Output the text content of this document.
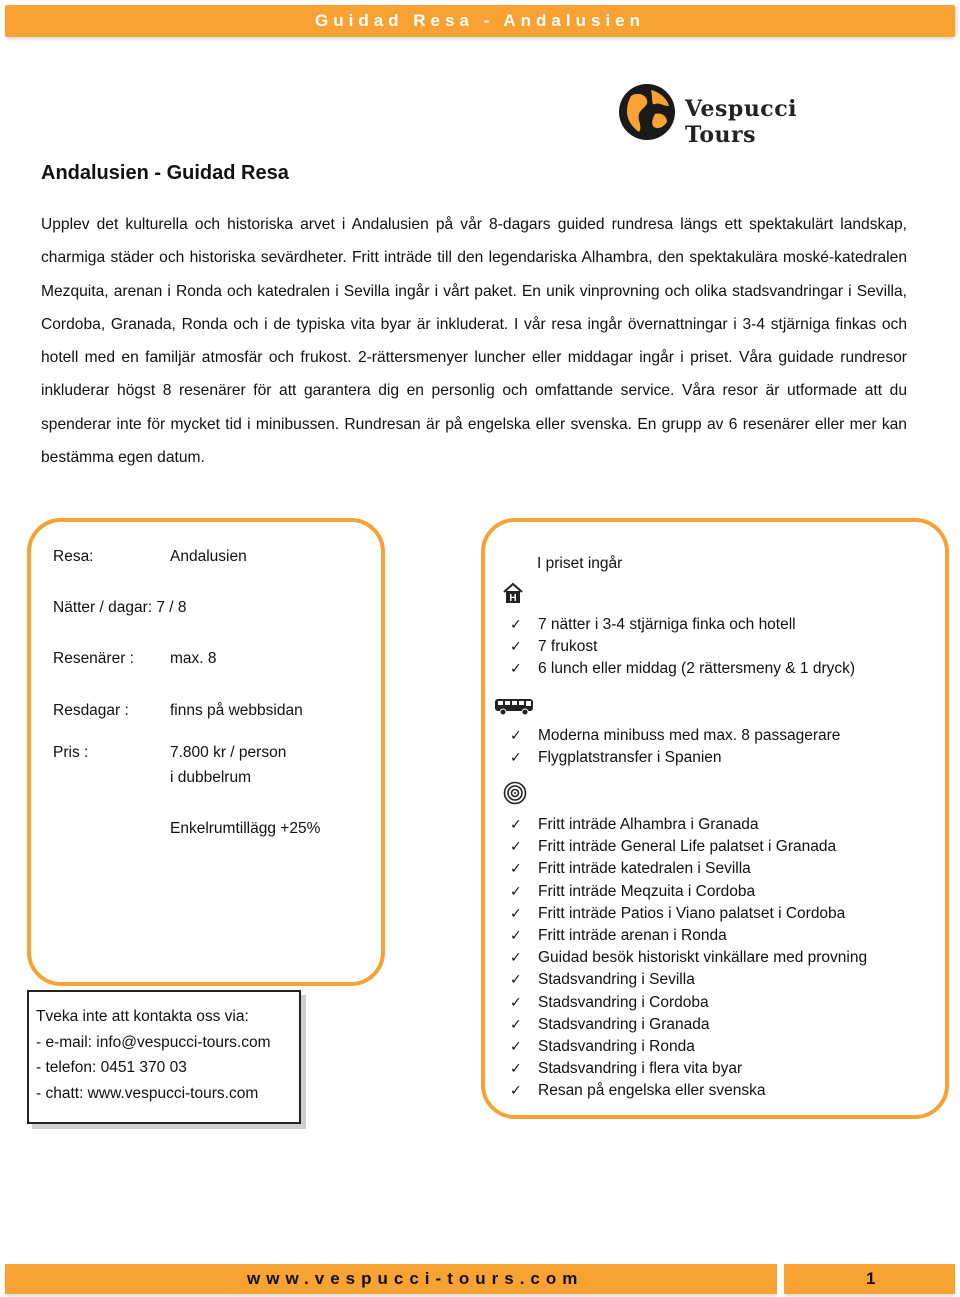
Guidad Resa - Andalusien
Vespucci Tours
Andalusien - Guidad Resa
Upplev det kulturella och historiska arvet i Andalusien på vår 8-dagars guided rundresa längs ett spektakulärt landskap, charmiga städer och historiska sevärdheter. Fritt inträde till den legendariska Alhambra, den spektakulära moské-katedralen Mezquita, arenan i Ronda och katedralen i Sevilla ingår i vårt paket. En unik vinprovning och olika stadsvandringar i Sevilla, Cordoba, Granada, Ronda och i de typiska vita byar är inkluderat. I vår resa ingår övernattningar i 3-4 stjärniga finkas och hotell med en familjär atmosfär och frukost. 2-rättersmenyer luncher eller middagar ingår i priset. Våra guidade rundresor inkluderar högst 8 resenärer för att garantera dig en personlig och omfattande service. Våra resor är utformade att du spenderar inte för mycket tid i minibussen. Rundresan är på engelska eller svenska. En grupp av 6 resenärer eller mer kan bestämma egen datum.
Resa:	Andalusien
Nätter / dagar: 7 / 8
Resenärer : max. 8
Resdagar :	finns på webbsidan
Pris :	7.800 kr / person
i dubbelrum
Enkelrumtillägg +25%
I priset ingår
H
✓ 7 nätter i 3-4 stjärniga finka och hotell
✓ 7 frukost
✓ 6 lunch eller middag (2 rättersmeny & 1 dryck)
✓ Moderna minibuss med max. 8 passagerare
✓ Flygplatstransfer i Spanien
✓ Fritt inträde Alhambra i Granada
✓ Fritt inträde General Life palatset i Granada
✓ Fritt inträde katedralen i Sevilla
✓ Fritt inträde Meqzuita i Cordoba
✓ Fritt inträde Patios i Viano palatset i Cordoba
✓ Fritt inträde arenan i Ronda
✓ Guidad besök historiskt vinkällare med provning
✓ Stadsvandring i Sevilla
✓ Stadsvandring i Cordoba
✓ Stadsvandring i Granada
✓ Stadsvandring i Ronda
✓ Stadsvandring i flera vita byar
✓ Resan på engelska eller svenska
Tveka inte att kontakta oss via:
- e-mail: info@vespucci-tours.com
- telefon: 0451 370 03
- chatt: www.vespucci-tours.com
www.vespucci-tours.com	1
